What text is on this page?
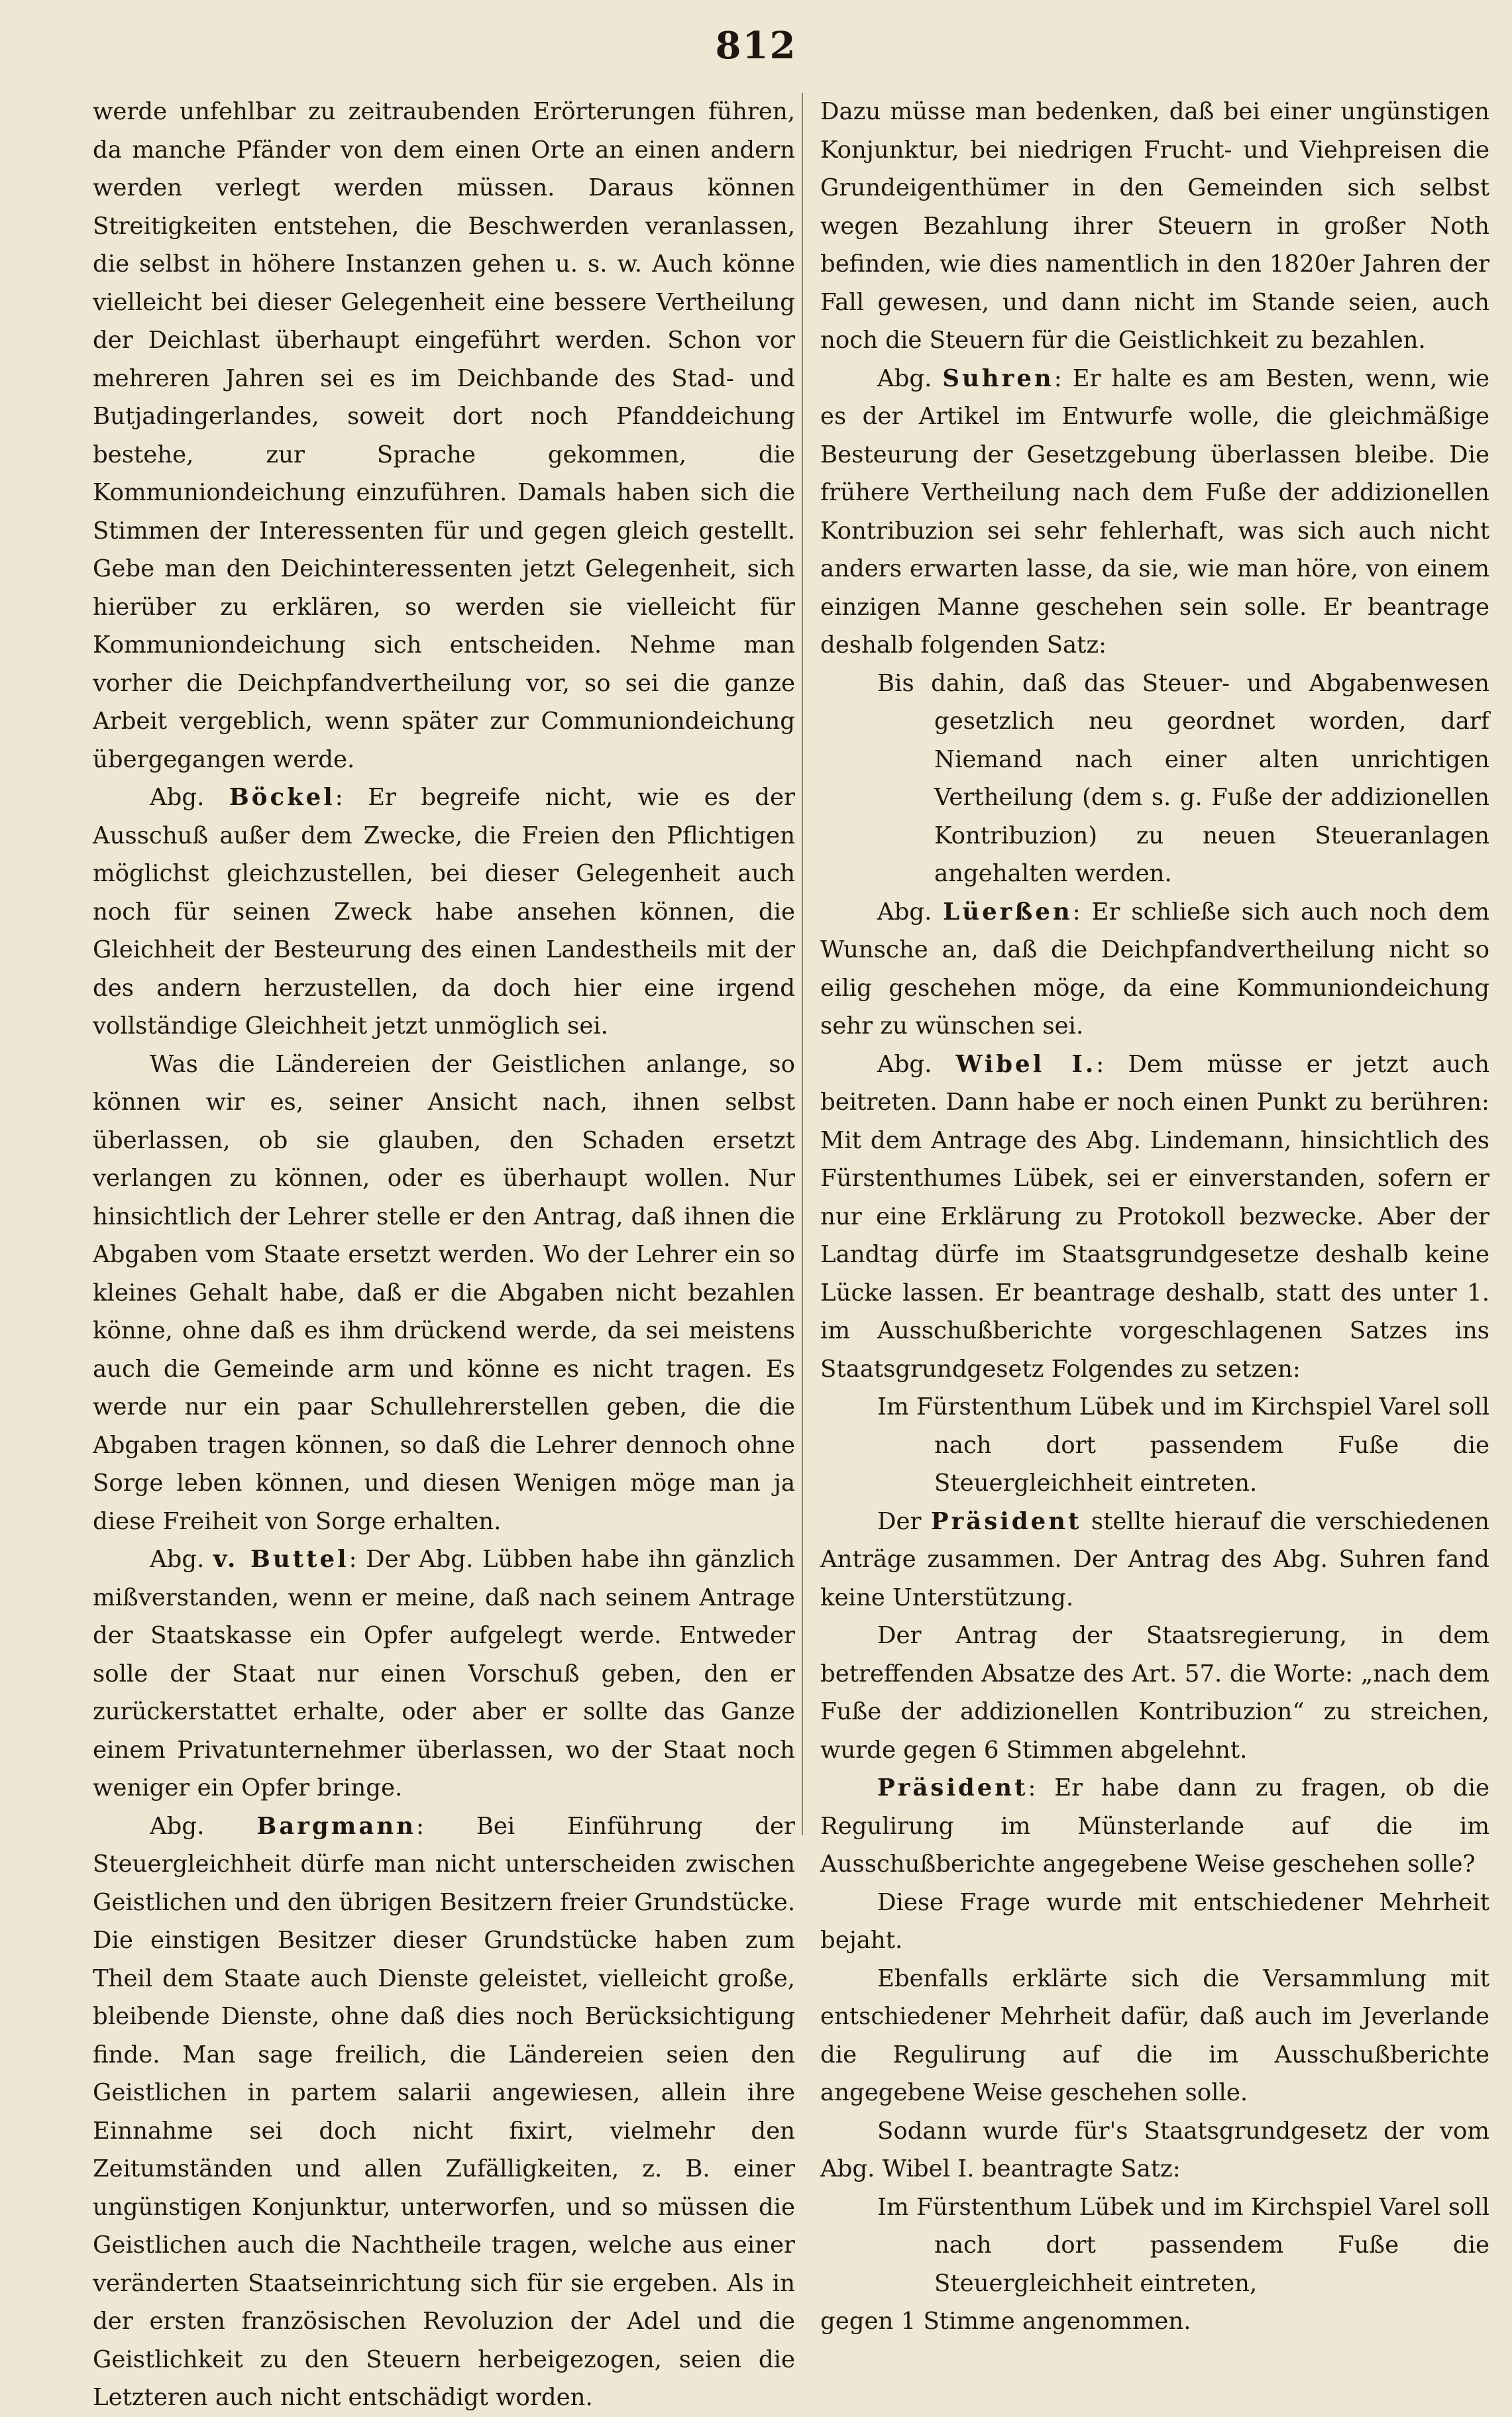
812

werde unfehlbar zu zeitraubenden Erörterungen führen, da manche Pfänder von dem einen Orte an einen andern werden verlegt werden müssen. Daraus können Streitigkeiten entstehen, die Beschwerden veranlassen, die selbst in höhere Instanzen gehen u. s. w. Auch könne vielleicht bei dieser Gelegenheit eine bessere Vertheilung der Deichlast überhaupt eingeführt werden. Schon vor mehreren Jahren sei es im Deichbande des Stad- und Butjadingerlandes, soweit dort noch Pfanddeichung bestehe, zur Sprache gekommen, die Kommuniondeichung einzuführen. Damals haben sich die Stimmen der Interessenten für und gegen gleich gestellt. Gebe man den Deichinteressenten jetzt Gelegenheit, sich hierüber zu erklären, so werden sie vielleicht für Kommuniondeichung sich entscheiden. Nehme man vorher die Deichpfandvertheilung vor, so sei die ganze Arbeit vergeblich, wenn später zur Communiondeichung übergegangen werde.

Abg. Böckel: Er begreife nicht, wie es der Ausschuß außer dem Zwecke, die Freien den Pflichtigen möglichst gleichzustellen, bei dieser Gelegenheit auch noch für seinen Zweck habe ansehen können, die Gleichheit der Besteurung des einen Landestheils mit der des andern herzustellen, da doch hier eine irgend vollständige Gleichheit jetzt unmöglich sei.

Was die Ländereien der Geistlichen anlange, so können wir es, seiner Ansicht nach, ihnen selbst überlassen, ob sie glauben, den Schaden ersetzt verlangen zu können, oder es überhaupt wollen. Nur hinsichtlich der Lehrer stelle er den Antrag, daß ihnen die Abgaben vom Staate ersetzt werden. Wo der Lehrer ein so kleines Gehalt habe, daß er die Abgaben nicht bezahlen könne, ohne daß es ihm drückend werde, da sei meistens auch die Gemeinde arm und könne es nicht tragen. Es werde nur ein paar Schullehrerstellen geben, die die Abgaben tragen können, so daß die Lehrer dennoch ohne Sorge leben können, und diesen Wenigen möge man ja diese Freiheit von Sorge erhalten.

Abg. v. Buttel: Der Abg. Lübben habe ihn gänzlich mißverstanden, wenn er meine, daß nach seinem Antrage der Staatskasse ein Opfer aufgelegt werde. Entweder solle der Staat nur einen Vorschuß geben, den er zurückerstattet erhalte, oder aber er sollte das Ganze einem Privatunternehmer überlassen, wo der Staat noch weniger ein Opfer bringe.

Abg. Bargmann: Bei Einführung der Steuergleichheit dürfe man nicht unterscheiden zwischen Geistlichen und den übrigen Besitzern freier Grundstücke. Die einstigen Besitzer dieser Grundstücke haben zum Theil dem Staate auch Dienste geleistet, vielleicht große, bleibende Dienste, ohne daß dies noch Berücksichtigung finde. Man sage freilich, die Ländereien seien den Geistlichen in partem salarii angewiesen, allein ihre Einnahme sei doch nicht fixirt, vielmehr den Zeitumständen und allen Zufälligkeiten, z. B. einer ungünstigen Konjunktur, unterworfen, und so müssen die Geistlichen auch die Nachtheile tragen, welche aus einer veränderten Staatseinrichtung sich für sie ergeben. Als in der ersten französischen Revoluzion der Adel und die Geistlichkeit zu den Steuern herbeigezogen, seien die Letzteren auch nicht entschädigt worden.

Dazu müsse man bedenken, daß bei einer ungünstigen Konjunktur, bei niedrigen Frucht- und Viehpreisen die Grundeigenthümer in den Gemeinden sich selbst wegen Bezahlung ihrer Steuern in großer Noth befinden, wie dies namentlich in den 1820er Jahren der Fall gewesen, und dann nicht im Stande seien, auch noch die Steuern für die Geistlichkeit zu bezahlen.

Abg. Suhren: Er halte es am Besten, wenn, wie es der Artikel im Entwurfe wolle, die gleichmäßige Besteurung der Gesetzgebung überlassen bleibe. Die frühere Vertheilung nach dem Fuße der addizionellen Kontribuzion sei sehr fehlerhaft, was sich auch nicht anders erwarten lasse, da sie, wie man höre, von einem einzigen Manne geschehen sein solle. Er beantrage deshalb folgenden Satz:

Bis dahin, daß das Steuer- und Abgabenwesen gesetzlich neu geordnet worden, darf Niemand nach einer alten unrichtigen Vertheilung (dem s. g. Fuße der addizionellen Kontribuzion) zu neuen Steueranlagen angehalten werden.

Abg. Lüerßen: Er schließe sich auch noch dem Wunsche an, daß die Deichpfandvertheilung nicht so eilig geschehen möge, da eine Kommuniondeichung sehr zu wünschen sei.

Abg. Wibel I.: Dem müsse er jetzt auch beitreten. Dann habe er noch einen Punkt zu berühren: Mit dem Antrage des Abg. Lindemann, hinsichtlich des Fürstenthumes Lübek, sei er einverstanden, sofern er nur eine Erklärung zu Protokoll bezwecke. Aber der Landtag dürfe im Staatsgrundgesetze deshalb keine Lücke lassen. Er beantrage deshalb, statt des unter 1. im Ausschußberichte vorgeschlagenen Satzes ins Staatsgrundgesetz Folgendes zu setzen:

Im Fürstenthum Lübek und im Kirchspiel Varel soll nach dort passendem Fuße die Steuergleichheit eintreten.

Der Präsident stellte hierauf die verschiedenen Anträge zusammen. Der Antrag des Abg. Suhren fand keine Unterstützung.

Der Antrag der Staatsregierung, in dem betreffenden Absatze des Art. 57. die Worte: „nach dem Fuße der addizionellen Kontribuzion“ zu streichen, wurde gegen 6 Stimmen abgelehnt.

Präsident: Er habe dann zu fragen, ob die Regulirung im Münsterlande auf die im Ausschußberichte angegebene Weise geschehen solle?

Diese Frage wurde mit entschiedener Mehrheit bejaht.

Ebenfalls erklärte sich die Versammlung mit entschiedener Mehrheit dafür, daß auch im Jeverlande die Regulirung auf die im Ausschußberichte angegebene Weise geschehen solle.

Sodann wurde für's Staatsgrundgesetz der vom Abg. Wibel I. beantragte Satz:

Im Fürstenthum Lübek und im Kirchspiel Varel soll nach dort passendem Fuße die Steuergleichheit eintreten,

gegen 1 Stimme angenommen.
